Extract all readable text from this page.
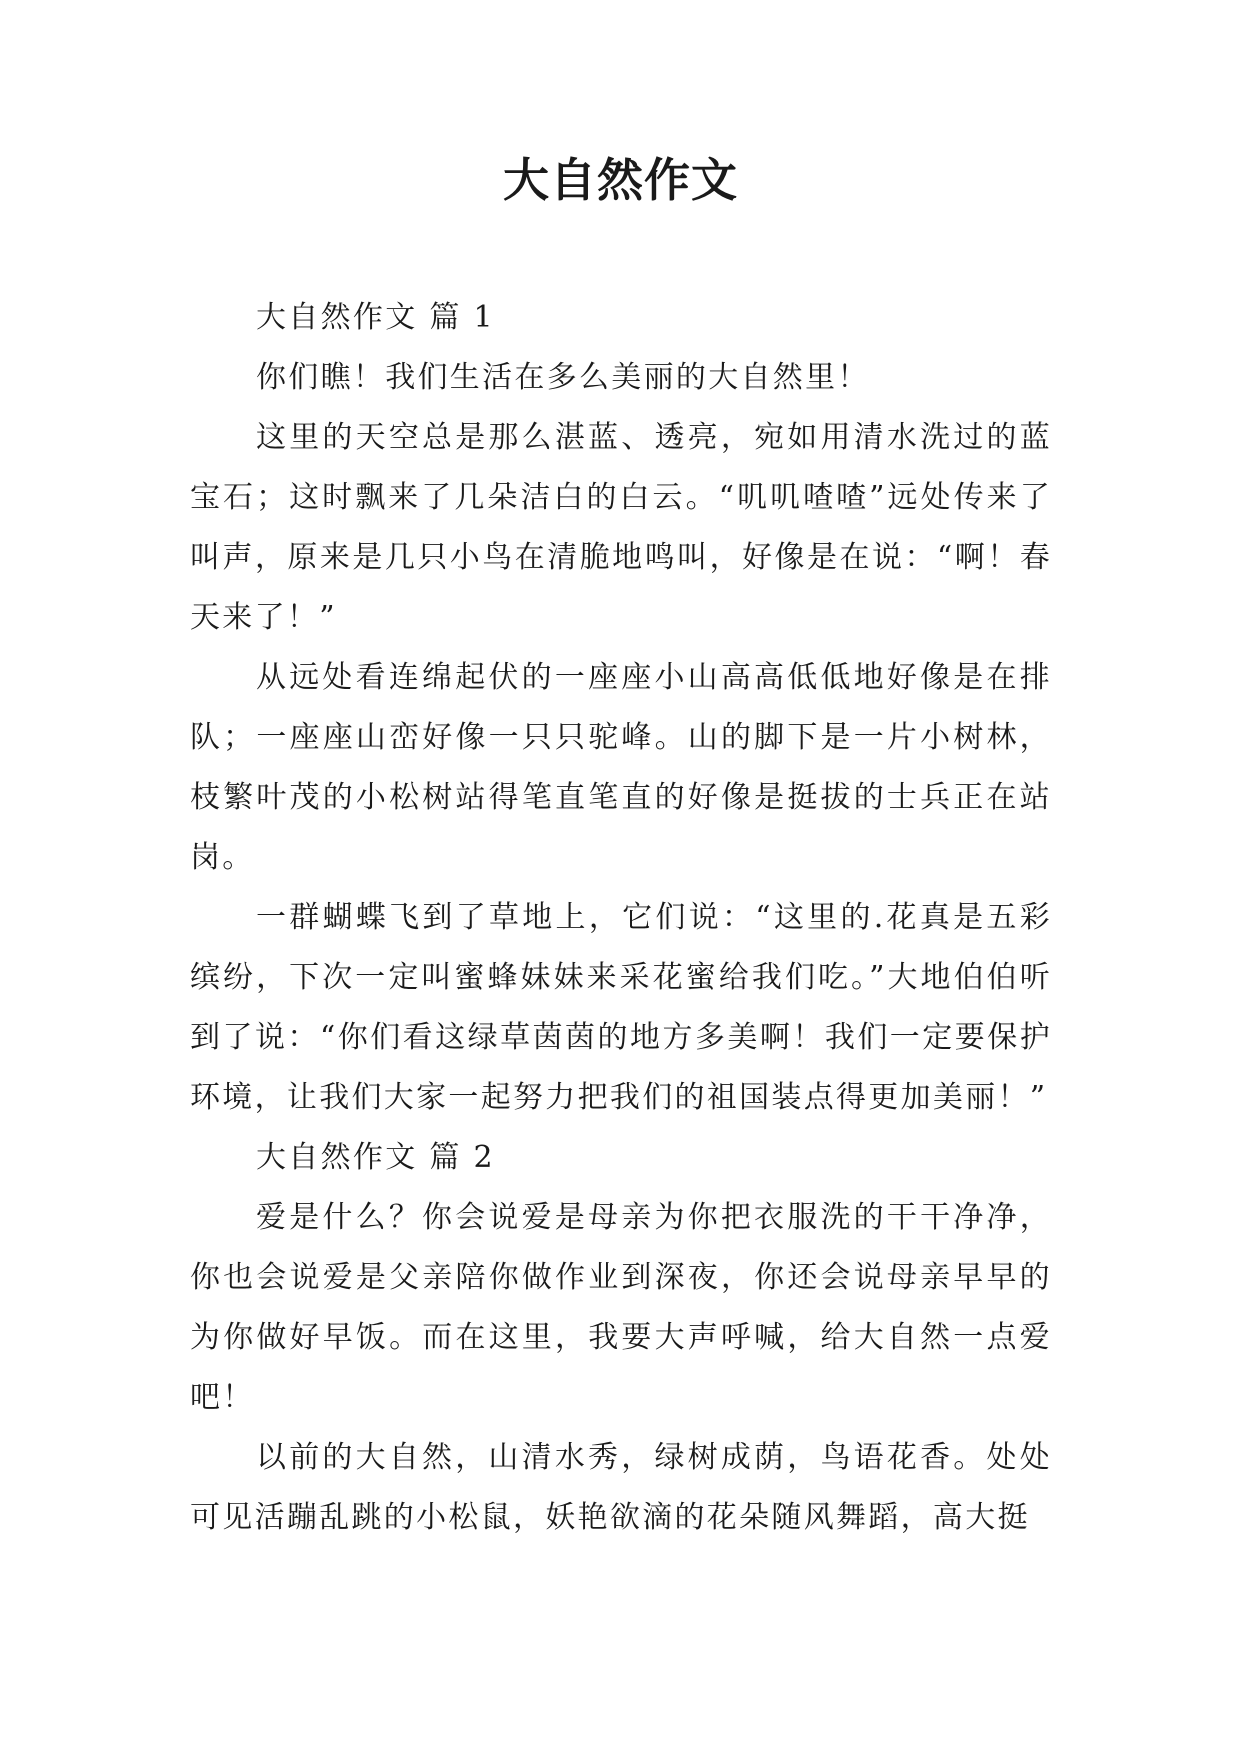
大自然作文

大自然作文 篇 1

你们瞧！我们生活在多么美丽的大自然里！

这里的天空总是那么湛蓝、透亮，宛如用清水洗过的蓝宝石；这时飘来了几朵洁白的白云。“叽叽喳喳”远处传来了叫声，原来是几只小鸟在清脆地鸣叫，好像是在说：“啊！春天来了！”

从远处看连绵起伏的一座座小山高高低低地好像是在排队；一座座山峦好像一只只驼峰。山的脚下是一片小树林，枝繁叶茂的小松树站得笔直笔直的好像是挺拔的士兵正在站岗。

一群蝴蝶飞到了草地上，它们说：“这里的.花真是五彩缤纷，下次一定叫蜜蜂妹妹来采花蜜给我们吃。”大地伯伯听到了说：“你们看这绿草茵茵的地方多美啊！我们一定要保护环境，让我们大家一起努力把我们的祖国装点得更加美丽！”

大自然作文 篇 2

爱是什么？你会说爱是母亲为你把衣服洗的干干净净，你也会说爱是父亲陪你做作业到深夜，你还会说母亲早早的为你做好早饭。而在这里，我要大声呼喊，给大自然一点爱吧！

以前的大自然，山清水秀，绿树成荫，鸟语花香。处处可见活蹦乱跳的小松鼠，妖艳欲滴的花朵随风舞蹈，高大挺
